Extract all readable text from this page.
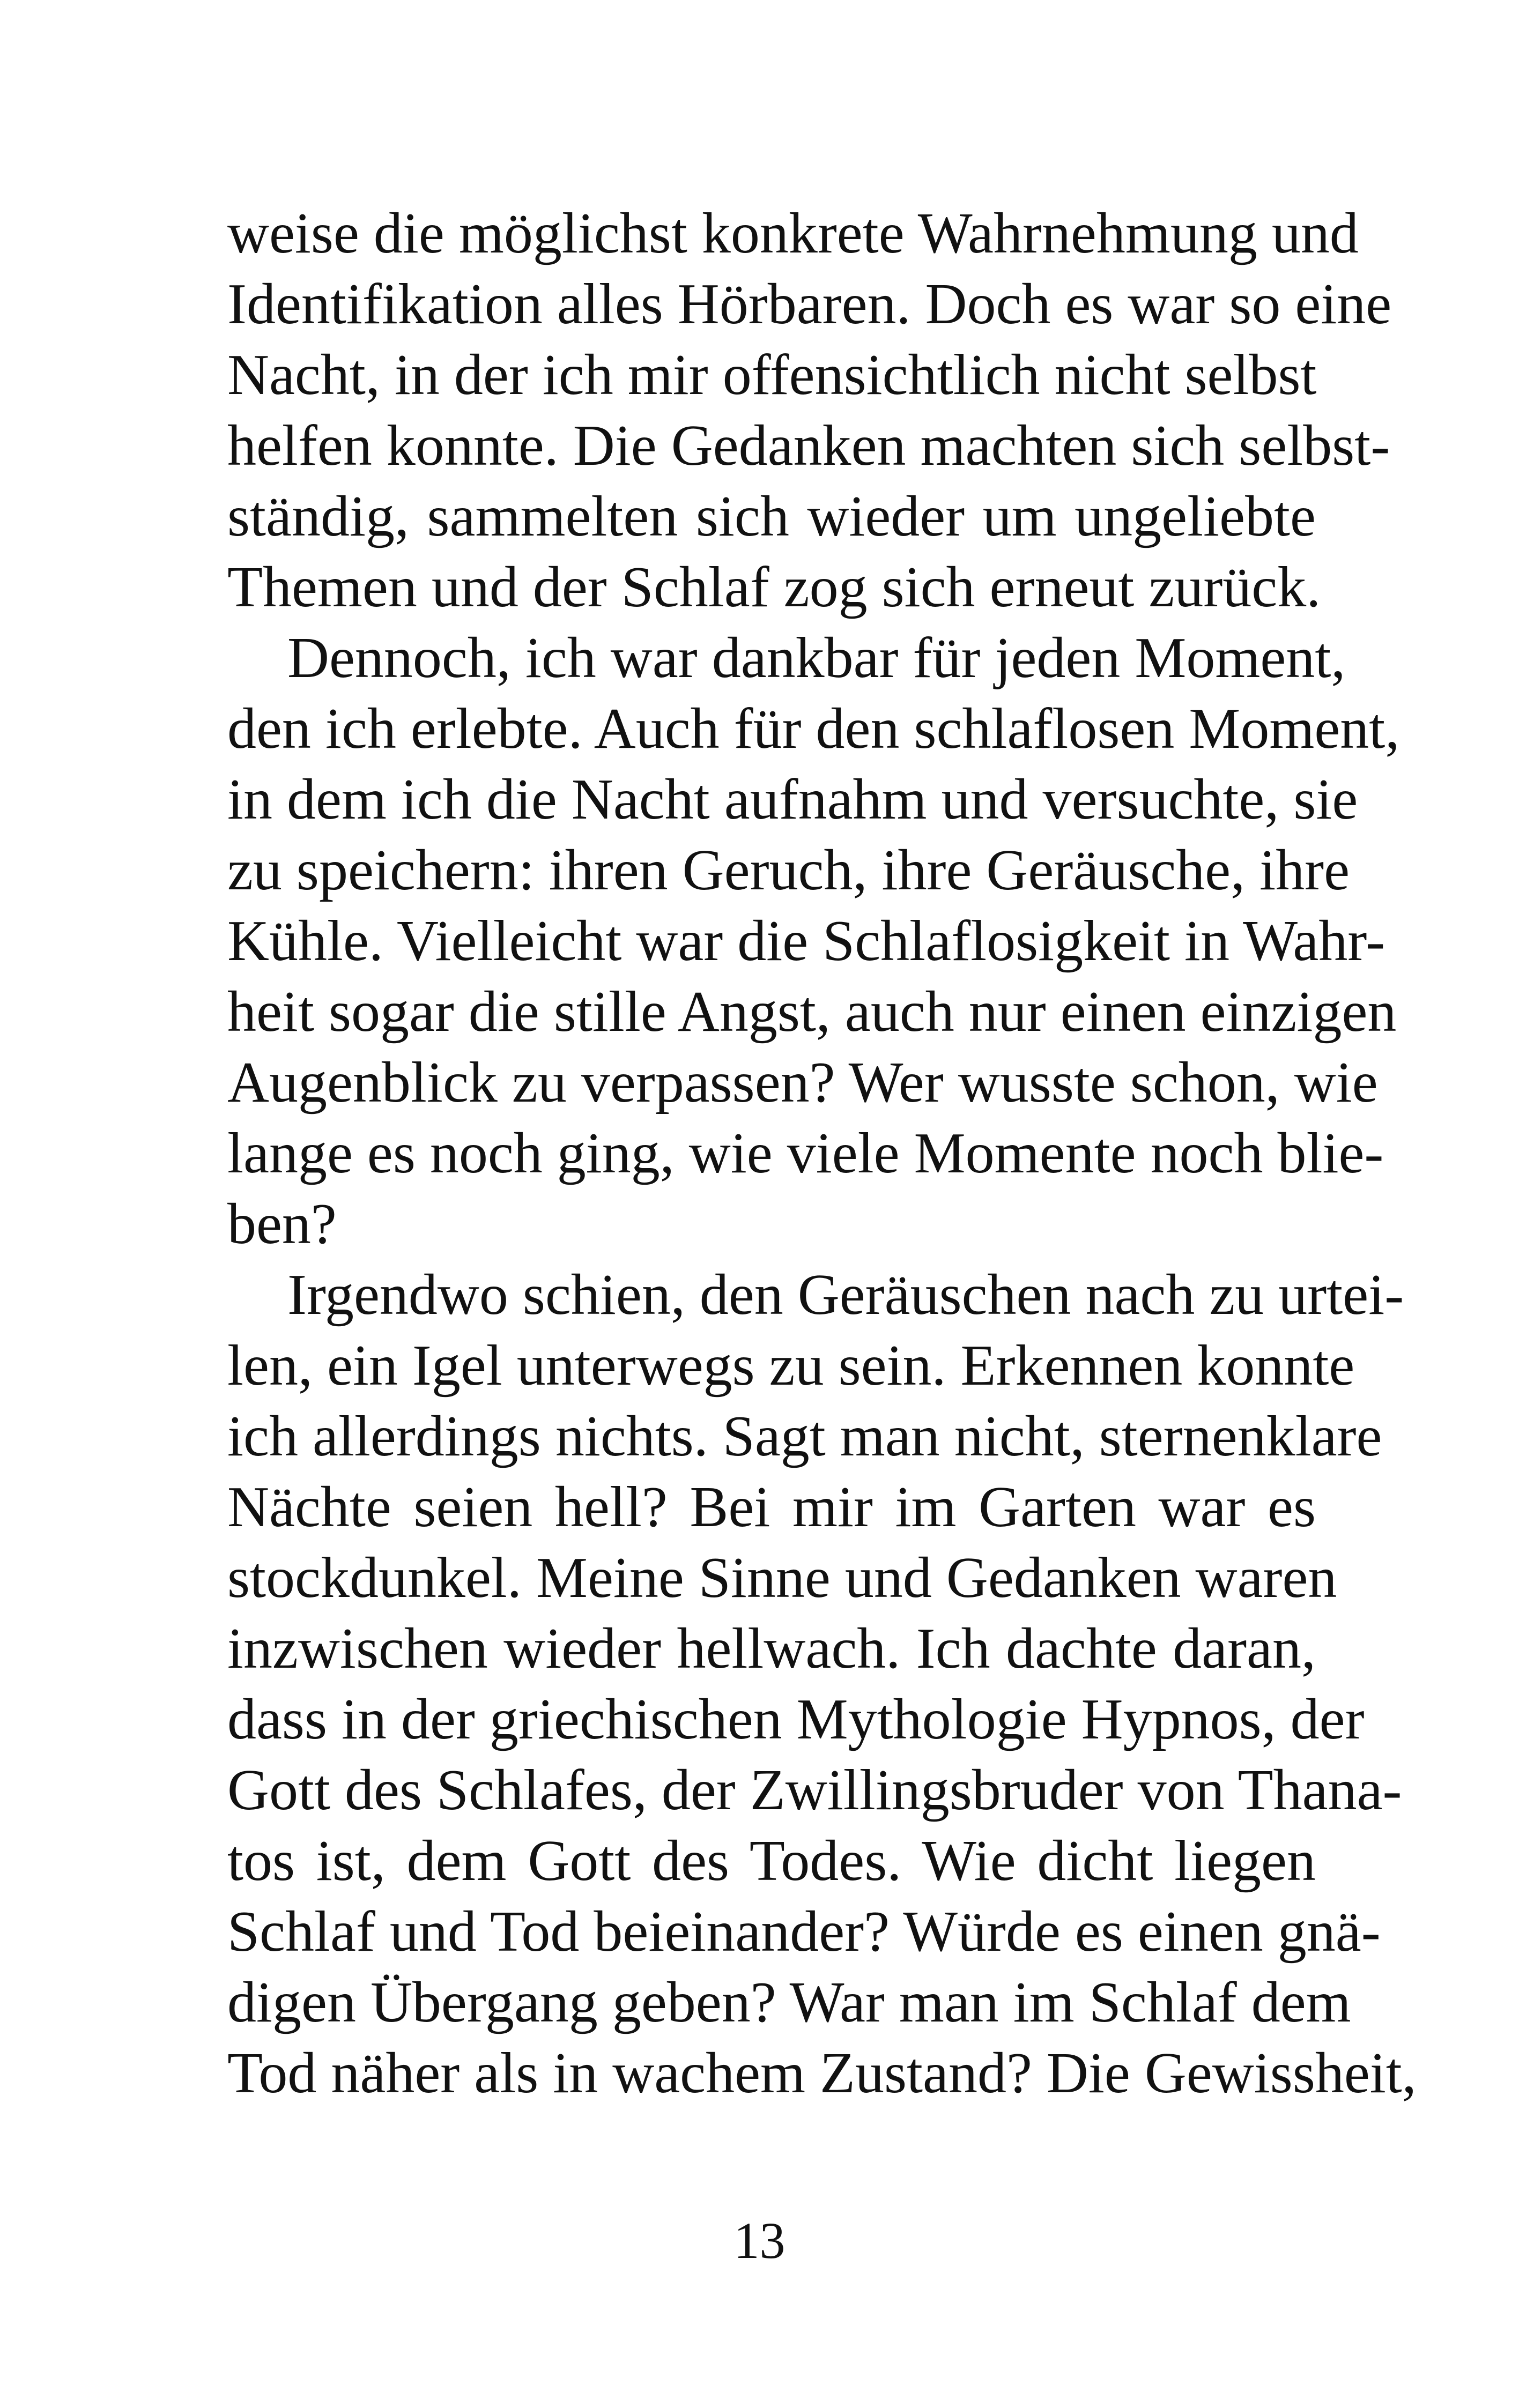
weise die möglichst konkrete Wahrnehmung und
Identifikation alles Hörbaren. Doch es war so eine
Nacht, in der ich mir offensichtlich nicht selbst
helfen konnte. Die Gedanken machten sich selbst-
ständig, sammelten sich wieder um ungeliebte
Themen und der Schlaf zog sich erneut zurück.
Dennoch, ich war dankbar für jeden Moment,
den ich erlebte. Auch für den schlaflosen Moment,
in dem ich die Nacht aufnahm und versuchte, sie
zu speichern: ihren Geruch, ihre Geräusche, ihre
Kühle. Vielleicht war die Schlaflosigkeit in Wahr-
heit sogar die stille Angst, auch nur einen einzigen
Augenblick zu verpassen? Wer wusste schon, wie
lange es noch ging, wie viele Momente noch blie-
ben?
Irgendwo schien, den Geräuschen nach zu urtei-
len, ein Igel unterwegs zu sein. Erkennen konnte
ich allerdings nichts. Sagt man nicht, sternenklare
Nächte seien hell? Bei mir im Garten war es
stockdunkel. Meine Sinne und Gedanken waren
inzwischen wieder hellwach. Ich dachte daran,
dass in der griechischen Mythologie Hypnos, der
Gott des Schlafes, der Zwillingsbruder von Thana-
tos ist, dem Gott des Todes. Wie dicht liegen
Schlaf und Tod beieinander? Würde es einen gnä-
digen Übergang geben? War man im Schlaf dem
Tod näher als in wachem Zustand? Die Gewissheit,
13
